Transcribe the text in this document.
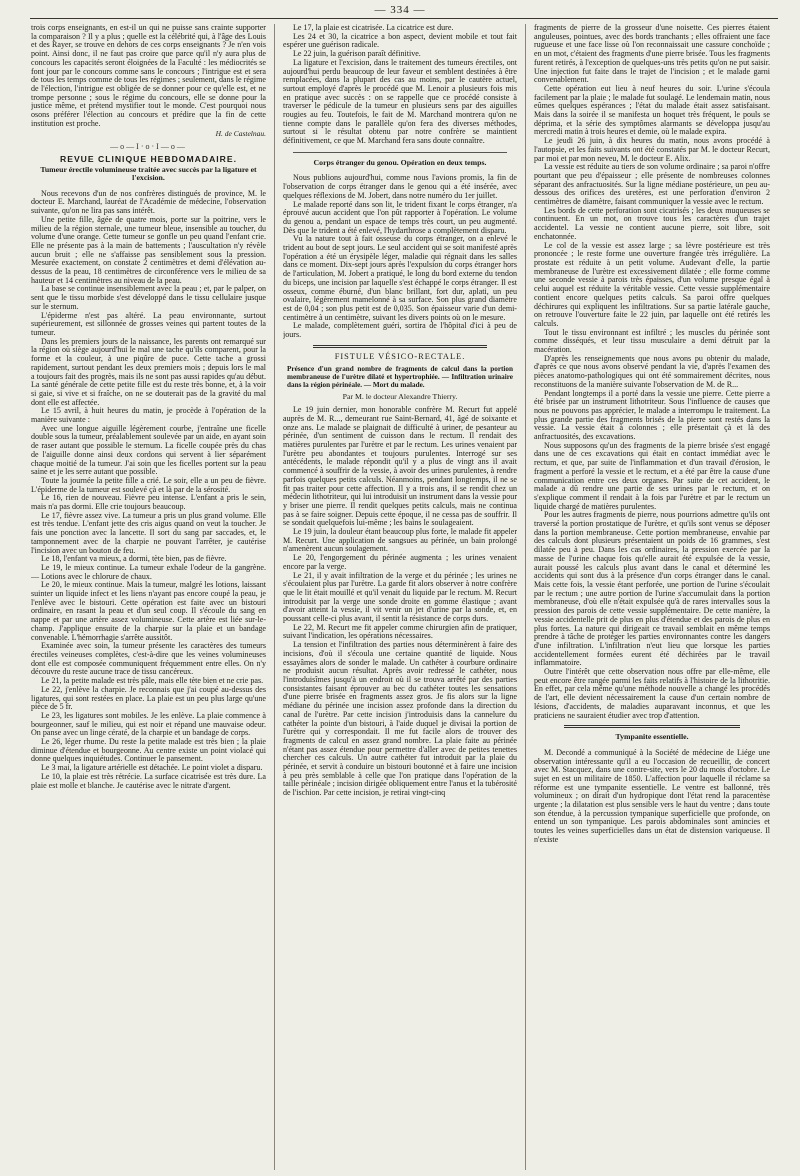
— 334 —

trois corps enseignants, en est-il un qui ne puisse sans crainte supporter la comparaison ? Il y a plus ; quelle est la célébrité qui, à l'âge des Louis et des Rayer, se trouve en dehors de ces corps enseignants ? Je n'en vois point. Ainsi donc, il ne faut pas croire que parce qu'il n'y aura plus de concours les capacités seront éloignées de la Faculté : les médiocrités se font jour par le concours comme sans le concours ; l'intrigue est et sera de tous les temps comme de tous les régimes ; seulement, dans le régime de l'élection, l'intrigue est obligée de se donner pour ce qu'elle est, et ne trompe personne ; sous le régime du concours, elle se donne pour la justice même, et prétend mystifier tout le monde. C'est pourquoi nous osons préférer l'élection au concours et prédire que la fin de cette institution est proche.

H. de Castelnau.
—o—I·o·I—o—
REVUE CLINIQUE HEBDOMADAIRE.
Tumeur érectile volumineuse traitée avec succès par la ligature et l'excision.

Nous recevons d'un de nos confrères distingués de province, M. le docteur E. Marchand, lauréat de l'Académie de médecine, l'observation suivante, qu'on ne lira pas sans intérêt.

Une petite fille, âgée de quatre mois, porte sur la poitrine, vers le milieu de la région sternale, une tumeur bleue, insensible au toucher, du volume d'une orange. Cette tumeur se gonfle un peu quand l'enfant crie. Elle ne présente pas à la main de battements ; l'auscultation n'y révèle aucun bruit ; elle ne s'affaisse pas sensiblement sous la pression. Mesurée exactement, on constate 2 centimètres et demi d'élévation au-dessus de la peau, 18 centimètres de circonférence vers le milieu de sa hauteur et 14 centimètres au niveau de la peau.

La base se continue insensiblement avec la peau ; et, par le palper, on sent que le tissu morbide s'est développé dans le tissu cellulaire jusque sur le sternum.

L'épiderme n'est pas altéré. La peau environnante, surtout supérieurement, est sillonnée de grosses veines qui partent toutes de la tumeur.

Dans les premiers jours de la naissance, les parents ont remarqué sur la région où siège aujourd'hui le mal une tache qu'ils comparent, pour la forme et la couleur, à une piqûre de puce. Cette tache a grossi rapidement, surtout pendant les deux premiers mois ; depuis lors le mal a toujours fait des progrès, mais ils ne sont pas aussi rapides qu'au début. La santé générale de cette petite fille est du reste très bonne, et, à la voir si gaie, si vive et si fraîche, on ne se douterait pas de la gravité du mal dont elle est affectée.

Le 15 avril, à huit heures du matin, je procède à l'opération de la manière suivante :

Avec une longue aiguille légèrement courbe, j'entraîne une ficelle double sous la tumeur, préalablement soulevée par un aide, en ayant soin de raser autant que possible le sternum. La ficelle coupée près du chas de l'aiguille donne ainsi deux cordons qui servent à lier séparément chaque moitié de la tumeur. J'ai soin que les ficelles portent sur la peau saine et je les serre autant que possible.

Toute la journée la petite fille a crié. Le soir, elle a un peu de fièvre. L'épiderme de la tumeur est soulevé çà et là par de la sérosité.

Le 16, rien de nouveau. Fièvre peu intense. L'enfant a pris le sein, mais n'a pas dormi. Elle crie toujours beaucoup.

Le 17, fièvre assez vive. La tumeur a pris un plus grand volume. Elle est très tendue. L'enfant jette des cris aigus quand on veut la toucher. Je fais une ponction avec la lancette. Il sort du sang par saccades, et, le tamponnement avec de la charpie ne pouvant l'arrêter, je cautérise l'incision avec un bouton de feu.

Le 18, l'enfant va mieux, a dormi, tète bien, pas de fièvre.

Le 19, le mieux continue. La tumeur exhale l'odeur de la gangrène. — Lotions avec le chlorure de chaux.

Le 20, le mieux continue. Mais la tumeur, malgré les lotions, laissant suinter un liquide infect et les liens n'ayant pas encore coupé la peau, je l'enlève avec le bistouri. Cette opération est faite avec un bistouri ordinaire, en rasant la peau et d'un seul coup. Il s'écoule du sang en nappe et par une artère assez volumineuse. Cette artère est liée sur-le-champ. J'applique ensuite de la charpie sur la plaie et un bandage convenable. L'hémorrhagie s'arrête aussitôt.

Examinée avec soin, la tumeur présente les caractères des tumeurs érectiles veineuses complètes, c'est-à-dire que les veines volumineuses dont elle est composée communiquent fréquemment entre elles. On n'y découvre du reste aucune trace de tissu cancéreux.

Le 21, la petite malade est très pâle, mais elle tète bien et ne crie pas.

Le 22, j'enlève la charpie. Je reconnais que j'ai coupé au-dessus des ligatures, qui sont restées en place. La plaie est un peu plus large qu'une pièce de 5 fr.

Le 23, les ligatures sont mobiles. Je les enlève. La plaie commence à bourgeonner, sauf le milieu, qui est noir et répand une mauvaise odeur. On panse avec un linge cératé, de la charpie et un bandage de corps.

Le 26, léger rhume. Du reste la petite malade est très bien ; la plaie diminue d'étendue et bourgeonne. Au centre existe un point violacé qui donne quelques inquiétudes. Continuer le pansement.

Le 3 mai, la ligature artérielle est détachée. Le point violet a disparu.

Le 10, la plaie est très rétrécie. La surface cicatrisée est très dure. La plaie est molle et blanche. Je cautérise avec le nitrate d'argent.

Le 17, la plaie est cicatrisée. La cicatrice est dure.

Les 24 et 30, la cicatrice a bon aspect, devient mobile et tout fait espérer une guérison radicale.

Le 22 juin, la guérison paraît définitive.

La ligature et l'excision, dans le traitement des tumeurs érectiles, ont aujourd'hui perdu beaucoup de leur faveur et semblent destinées à être remplacées, dans la plupart des cas au moins, par le cautère actuel, surtout employé d'après le procédé que M. Lenoir a plusieurs fois mis en pratique avec succès : on se rappelle que ce procédé consiste à traverser le pédicule de la tumeur en plusieurs sens par des aiguilles rougies au feu. Toutefois, le fait de M. Marchand montrera qu'on ne tienne compte dans le parallèle qu'on fera des diverses méthodes, surtout si le résultat obtenu par notre confrère se maintient définitivement, ce que M. Marchand fera sans doute connaître.

Corps étranger du genou. Opération en deux temps.

Nous publions aujourd'hui, comme nous l'avions promis, la fin de l'observation de corps étranger dans le genou qui a été insérée, avec quelques réflexions de M. Jobert, dans notre numéro du 1er juillet.

Le malade reporté dans son lit, le trident fixant le corps étranger, n'a éprouvé aucun accident que l'on pût rapporter à l'opération. Le volume du genou a, pendant un espace de temps très court, un peu augmenté. Dès que le trident a été enlevé, l'hydarthrose a complètement disparu.

Vu la nature tout à fait osseuse du corps étranger, on a enlevé le trident au bout de sept jours. Le seul accident qui se soit manifesté après l'opération a été un érysipèle léger, maladie qui régnait dans les salles dans ce moment. Dix-sept jours après l'expulsion du corps étranger hors de l'articulation, M. Jobert a pratiqué, le long du bord externe du tendon du biceps, une incision par laquelle s'est échappé le corps étranger. Il est osseux, comme éburné, d'un blanc brillant, fort dur, aplati, un peu ovalaire, légèrement mamelonné à sa surface. Son plus grand diamètre est de 0,04 ; son plus petit est de 0,035. Son épaisseur varie d'un demi-centimètre à un centimètre, suivant les divers points où on le mesure.

Le malade, complètement guéri, sortira de l'hôpital d'ici à peu de jours.

FISTULE VÉSICO-RECTALE.
Présence d'un grand nombre de fragments de calcul dans la portion membraneuse de l'urètre dilaté et hypertrophiée. — Infiltration urinaire dans la région périnéale. — Mort du malade.
Par M. le docteur Alexandre Thierry.

Le 19 juin dernier, mon honorable confrère M. Recurt fut appelé auprès de M. R..., demeurant rue Saint-Bernard, 41, âgé de soixante et onze ans. Le malade se plaignait de difficulté à uriner, de pesanteur au périnée, d'un sentiment de cuisson dans le rectum. Il rendait des matières purulentes par l'urètre et par le rectum. Les urines venaient par l'urètre peu abondantes et toujours purulentes. Interrogé sur ses antécédents, le malade répondit qu'il y a plus de vingt ans il avait commencé à souffrir de la vessie, à avoir des urines purulentes, à rendre parfois quelques petits calculs. Néanmoins, pendant longtemps, il ne se fit pas traiter pour cette affection. Il y a trois ans, il se rendit chez un médecin lithotriteur, qui lui introduisit un instrument dans la vessie pour y briser une pierre. Il rendit quelques petits calculs, mais ne continua pas à se faire soigner. Depuis cette époque, il ne cessa pas de souffrir. Il se sondait quelquefois lui-même ; les bains le soulageaient.

Le 19 juin, la douleur étant beaucoup plus forte, le malade fit appeler M. Recurt. Une application de sangsues au périnée, un bain prolongé n'amenèrent aucun soulagement.

Le 20, l'engorgement du périnée augmenta ; les urines venaient encore par la verge.

Le 21, il y avait infiltration de la verge et du périnée ; les urines ne s'écoulaient plus par l'urètre. La garde fit alors observer à notre confrère que le lit était mouillé et qu'il venait du liquide par le rectum. M. Recurt introduisit par la verge une sonde droite en gomme élastique ; avant d'avoir atteint la vessie, il vit venir un jet d'urine par la sonde, et, en poussant celle-ci plus avant, il sentit la résistance de corps durs.

Le 22, M. Recurt me fit appeler comme chirurgien afin de pratiquer, suivant l'indication, les opérations nécessaires.

La tension et l'infiltration des parties nous déterminèrent à faire des incisions, d'où il s'écoula une certaine quantité de liquide. Nous essayâmes alors de sonder le malade. Un cathéter à courbure ordinaire ne produisit aucun résultat. Après avoir redressé le cathéter, nous l'introduisîmes jusqu'à un endroit où il se trouva arrêté par des parties consistantes faisant éprouver au bec du cathéter toutes les sensations d'une pierre brisée en fragments assez gros. Je fis alors sur la ligne médiane du périnée une incision assez profonde dans la direction du canal de l'urètre. Par cette incision j'introduisis dans la cannelure du cathéter la pointe d'un bistouri, à l'aide duquel je divisai la portion de l'urètre qui y correspondait. Il me fut facile alors de trouver des fragments de calcul en assez grand nombre. La plaie faite au périnée n'étant pas assez étendue pour permettre d'aller avec de petites tenettes chercher ces calculs. Un autre cathéter fut introduit par la plaie du périnée, et servit à conduire un bistouri boutonné et à faire une incision à peu près semblable à celle que l'on pratique dans l'opération de la taille périnéale ; incision dirigée obliquement entre l'anus et la tubérosité de l'ischion. Par cette incision, je retirai vingt-cinq

fragments de pierre de la grosseur d'une noisette. Ces pierres étaient anguleuses, pointues, avec des bords tranchants ; elles offraient une face rugueuse et une face lisse où l'on reconnaissait une cassure conchoïde ; en un mot, c'étaient des fragments d'une pierre brisée. Tous les fragments furent retirés, à l'exception de quelques-uns très petits qu'on ne put saisir. Une injection fut faite dans le trajet de l'incision ; et le malade garni convenablement.

Cette opération eut lieu à neuf heures du soir. L'urine s'écoula facilement par la plaie ; le malade fut soulagé. Le lendemain matin, nous eûmes quelques espérances ; l'état du malade était assez satisfaisant. Mais dans la soirée il se manifesta un hoquet très fréquent, le pouls se déprima, et la série des symptômes alarmants se développa jusqu'au mercredi matin à trois heures et demie, où le malade expira.

Le jeudi 26 juin, à dix heures du matin, nous avons procédé à l'autopsie, et les faits suivants ont été constatés par M. le docteur Recurt, par moi et par mon neveu, M. le docteur E. Alix.

La vessie est réduite au tiers de son volume ordinaire ; sa paroi n'offre pourtant que peu d'épaisseur ; elle présente de nombreuses colonnes séparant des anfractuosités. Sur la ligne médiane postérieure, un peu au-dessous des orifices des uretères, est une perforation d'environ 2 centimètres de diamètre, faisant communiquer la vessie avec le rectum.

Les bords de cette perforation sont cicatrisés ; les deux muqueuses se continuent. En un mot, on trouve tous les caractères d'un trajet accidentel. La vessie ne contient aucune pierre, soit libre, soit enchatonnée.

Le col de la vessie est assez large ; sa lèvre postérieure est très prononcée ; le reste forme une ouverture frangée très irrégulière. La prostate est réduite à un petit volume. Audevant d'elle, la partie membraneuse de l'urètre est excessivement dilatée ; elle forme comme une seconde vessie à parois très épaisses, d'un volume presque égal à celui auquel est réduite la véritable vessie. Cette vessie supplémentaire contient encore quelques petits calculs. Sa paroi offre quelques déchirures qui expliquent les infiltrations. Sur sa partie latérale gauche, on retrouve l'ouverture faite le 22 juin, par laquelle ont été retirés les calculs.

Tout le tissu environnant est infiltré ; les muscles du périnée sont comme disséqués, et leur tissu musculaire a demi détruit par la macération.

D'après les renseignements que nous avons pu obtenir du malade, d'après ce que nous avons observé pendant la vie, d'après l'examen des pièces anatomo-pathologiques qui ont été sommairement décrites, nous reconstituons de la manière suivante l'observation de M. de R...

Pendant longtemps il a porté dans la vessie une pierre. Cette pierre a été brisée par un instrument lithotriteur. Sous l'influence de causes que nous ne pouvons pas apprécier, le malade a interrompu le traitement. La plus grande partie des fragments brisés de la pierre sont restés dans la vessie. La vessie était à colonnes ; elle présentait çà et là des anfractuosités, des excavations.

Nous supposons qu'un des fragments de la pierre brisée s'est engagé dans une de ces excavations qui était en contact immédiat avec le rectum, et que, par suite de l'inflammation et d'un travail d'érosion, le fragment a perforé la vessie et le rectum, et a été par être la cause d'une communication entre ces deux organes. Par suite de cet accident, le malade a dû rendre une partie de ses urines par le rectum, et on s'explique comment il rendait à la fois par l'urètre et par le rectum un liquide chargé de matières purulentes.

Pour les autres fragments de pierre, nous pourrions admettre qu'ils ont traversé la portion prostatique de l'urètre, et qu'ils sont venus se déposer dans la portion membraneuse. Cette portion membraneuse, envahie par des calculs dont plusieurs présentaient un poids de 16 grammes, s'est dilatée peu à peu. Dans les cas ordinaires, la pression exercée par la masse de l'urine chaque fois qu'elle aurait été expulsée de la vessie, aurait poussé les calculs plus avant dans le canal et déterminé les accidents qui sont dus à la présence d'un corps étranger dans le canal. Mais cette fois, la vessie étant perforée, une portion de l'urine s'écoulait par le rectum ; une autre portion de l'urine s'accumulait dans la portion membraneuse, d'où elle n'était expulsée qu'à de rares intervalles sous la pression des parois de cette vessie supplémentaire. De cette manière, la vessie accidentelle prit de plus en plus d'étendue et des parois de plus en plus fortes. La nature qui dirigeait ce travail semblait en même temps prendre à tâche de protéger les parties environnantes contre les dangers d'une infiltration. L'infiltration n'eut lieu que lorsque les parties accidentellement formées eurent été déchirées par le travail inflammatoire.

Outre l'intérêt que cette observation nous offre par elle-même, elle peut encore être rangée parmi les faits relatifs à l'histoire de la lithotritie. En effet, par cela même qu'une méthode nouvelle a changé les procédés de l'art, elle devient nécessairement la cause d'un certain nombre de lésions, d'accidents, de maladies auparavant inconnus, et que les praticiens ne sauraient étudier avec trop d'attention.

Tympanite essentielle.

M. Decondé a communiqué à la Société de médecine de Liége une observation intéressante qu'il a eu l'occasion de recueillir, de concert avec M. Stacquez, dans une contre-site, vers le 20 du mois d'octobre. Le sujet en est un militaire de 1850. L'affection pour laquelle il réclame sa réforme est une tympanite essentielle. Le ventre est ballonné, très volumineux ; on dirait d'un hydropique dont l'état rend la paracentèse urgente ; la dilatation est plus sensible vers le haut du ventre ; dans toute son étendue, à la percussion tympanique superficielle que profonde, on entend un son tympanique. Les parois abdominales sont amincies et toutes les veines superficielles dans un état de distension variqueuse. Il n'existe
